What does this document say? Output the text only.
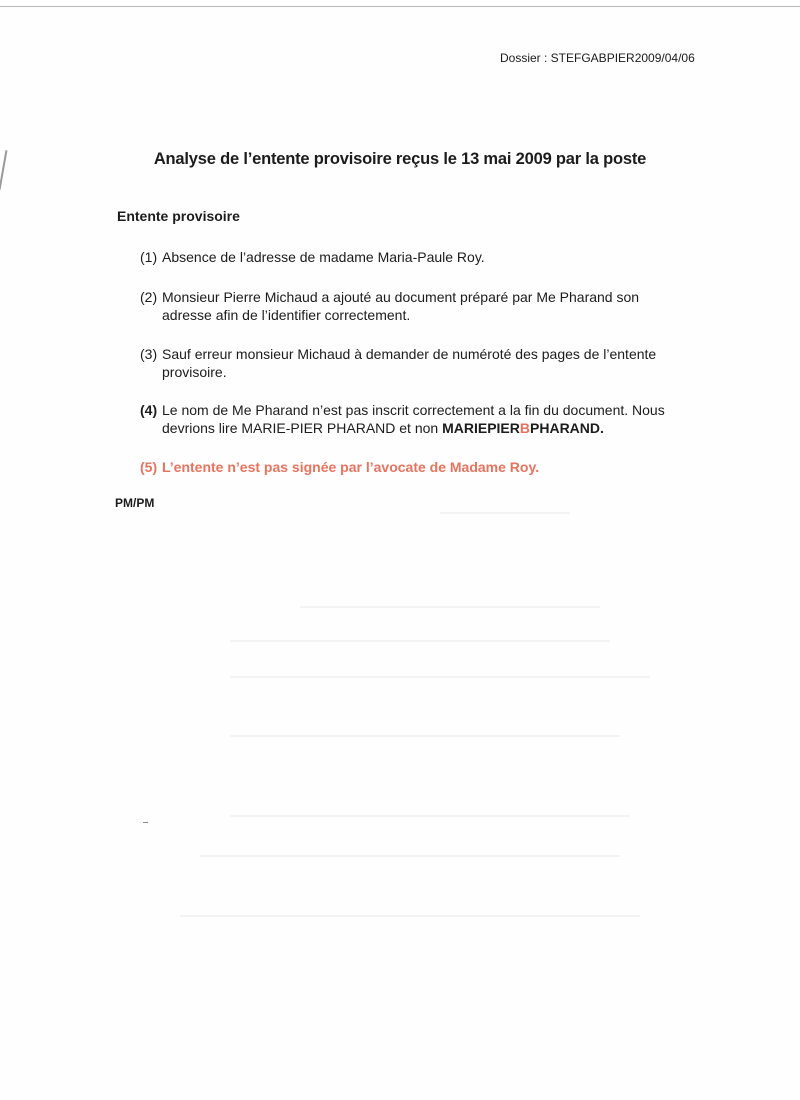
Dossier : STEFGABPIER2009/04/06
Analyse de l’entente provisoire reçus le 13 mai 2009 par la poste
Entente provisoire
(1) Absence de l’adresse de madame Maria-Paule Roy.
(2) Monsieur Pierre Michaud a ajouté au document préparé par Me Pharand son
adresse afin de l’identifier correctement.
(3) Sauf erreur monsieur Michaud à demander de numéroté des pages de l’entente
provisoire.
(4) Le nom de Me Pharand n’est pas inscrit correctement a la fin du document. Nous
devrions lire MARIE-PIER PHARAND et non MARIEPIERBPHARAND.
(5) L’entente n’est pas signée par l’avocate de Madame Roy.
PM/PM
